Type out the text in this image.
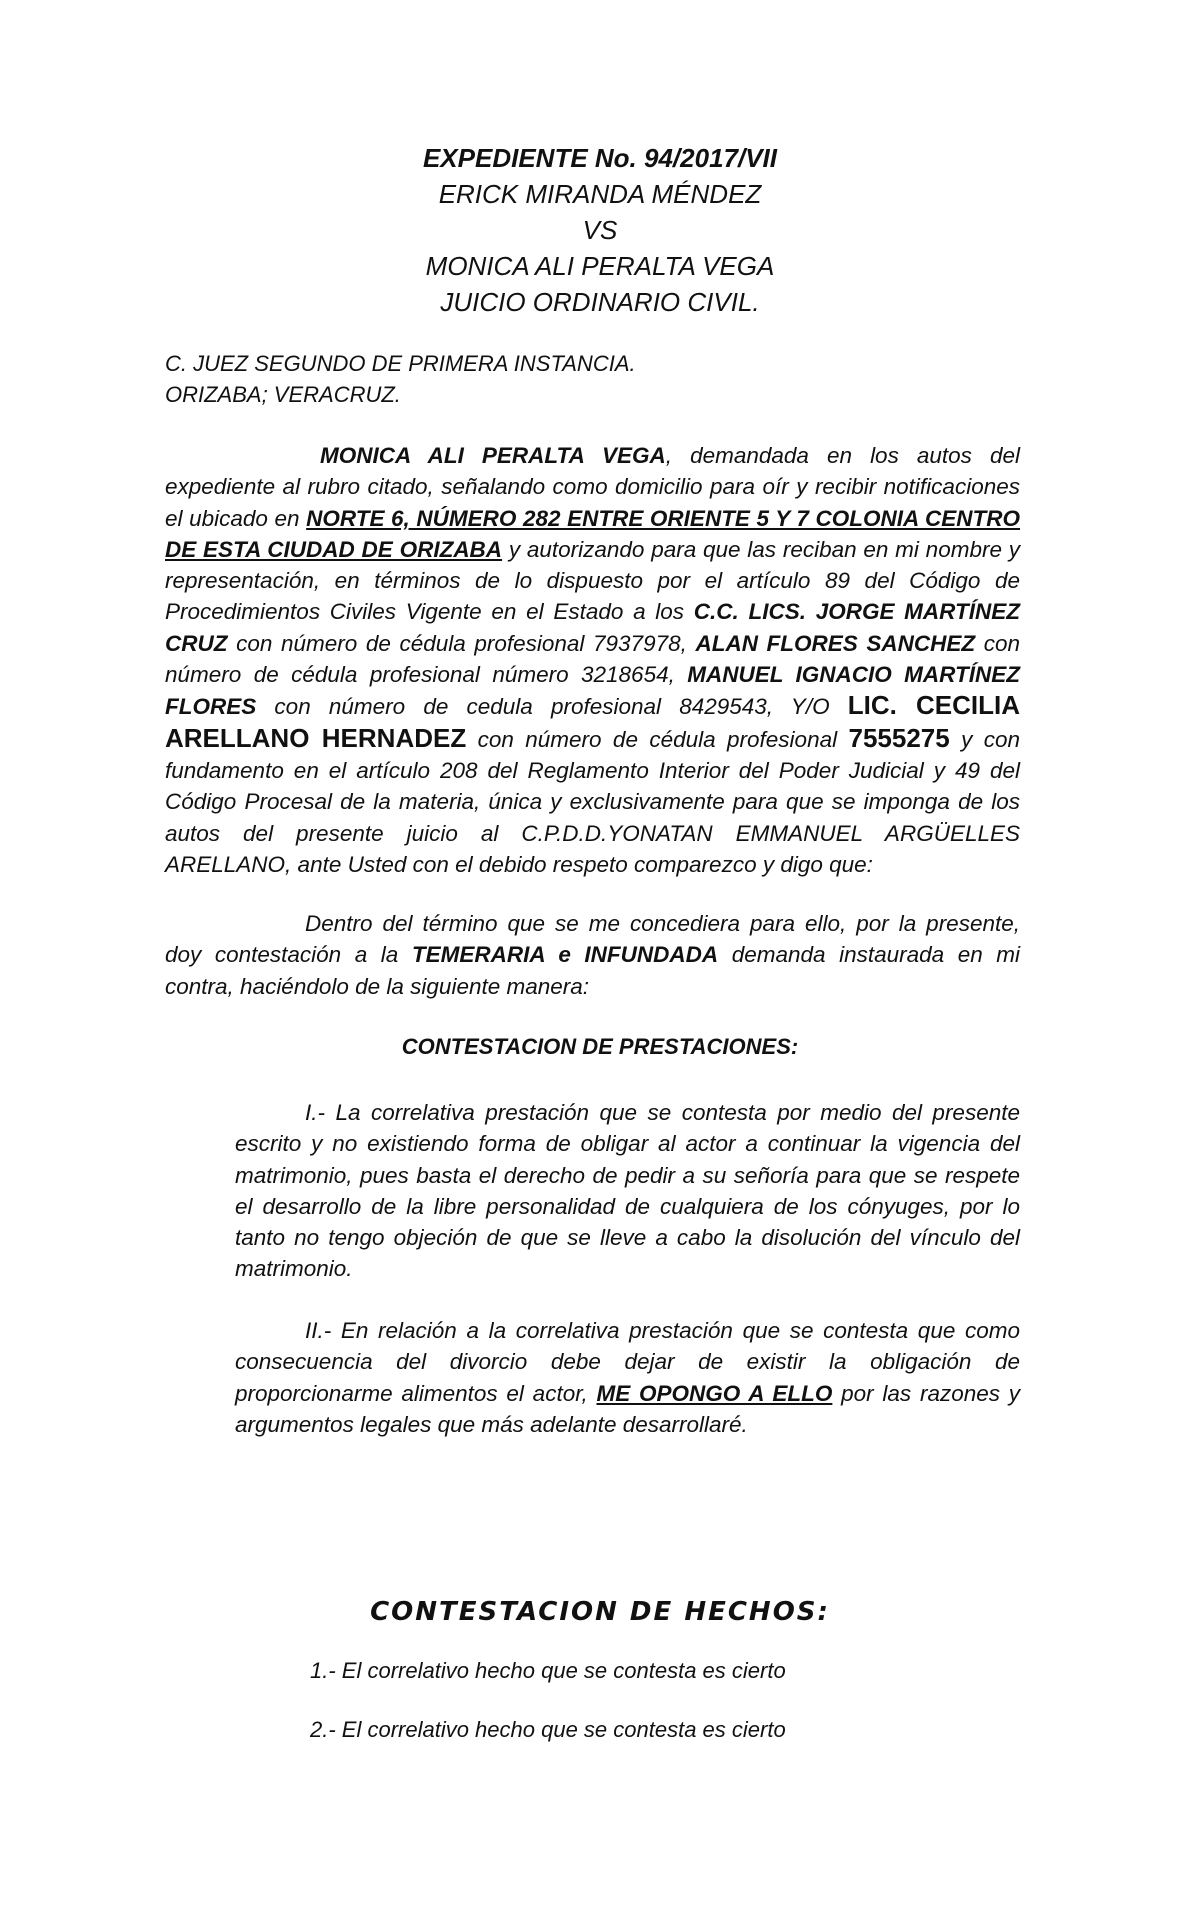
EXPEDIENTE No. 94/2017/VII
ERICK MIRANDA MÉNDEZ
VS
MONICA ALI PERALTA VEGA
JUICIO ORDINARIO CIVIL.
C. JUEZ SEGUNDO DE PRIMERA INSTANCIA.
ORIZABA; VERACRUZ.
MONICA ALI PERALTA VEGA, demandada en los autos del expediente al rubro citado, señalando como domicilio para oír y recibir notificaciones el ubicado en NORTE 6, NÚMERO 282 ENTRE ORIENTE 5 Y 7 COLONIA CENTRO DE ESTA CIUDAD DE ORIZABA y autorizando para que las reciban en mi nombre y representación, en términos de lo dispuesto por el artículo 89 del Código de Procedimientos Civiles Vigente en el Estado a los C.C. LICS. JORGE MARTÍNEZ CRUZ con número de cédula profesional 7937978, ALAN FLORES SANCHEZ con número de cédula profesional número 3218654, MANUEL IGNACIO MARTÍNEZ FLORES con número de cedula profesional 8429543, Y/O LIC. CECILIA ARELLANO HERNADEZ con número de cédula profesional 7555275 y con fundamento en el artículo 208 del Reglamento Interior del Poder Judicial y 49 del Código Procesal de la materia, única y exclusivamente para que se imponga de los autos del presente juicio al C.P.D.D.YONATAN EMMANUEL ARGÜELLES ARELLANO, ante Usted con el debido respeto comparezco y digo que:
Dentro del término que se me concediera para ello, por la presente, doy contestación a la TEMERARIA e INFUNDADA demanda instaurada en mi contra, haciéndolo de la siguiente manera:
CONTESTACION DE PRESTACIONES:
I.- La correlativa prestación que se contesta por medio del presente escrito y no existiendo forma de obligar al actor a continuar la vigencia del matrimonio, pues basta el derecho de pedir a su señoría para que se respete el desarrollo de la libre personalidad de cualquiera de los cónyuges, por lo tanto no tengo objeción de que se lleve a cabo la disolución del vínculo del matrimonio.
II.- En relación a la correlativa prestación que se contesta que como consecuencia del divorcio debe dejar de existir la obligación de proporcionarme alimentos el actor, ME OPONGO A ELLO por las razones y argumentos legales que más adelante desarrollaré.
CONTESTACION DE HECHOS:
1.- El correlativo hecho que se contesta es cierto
2.- El correlativo hecho que se contesta es cierto
